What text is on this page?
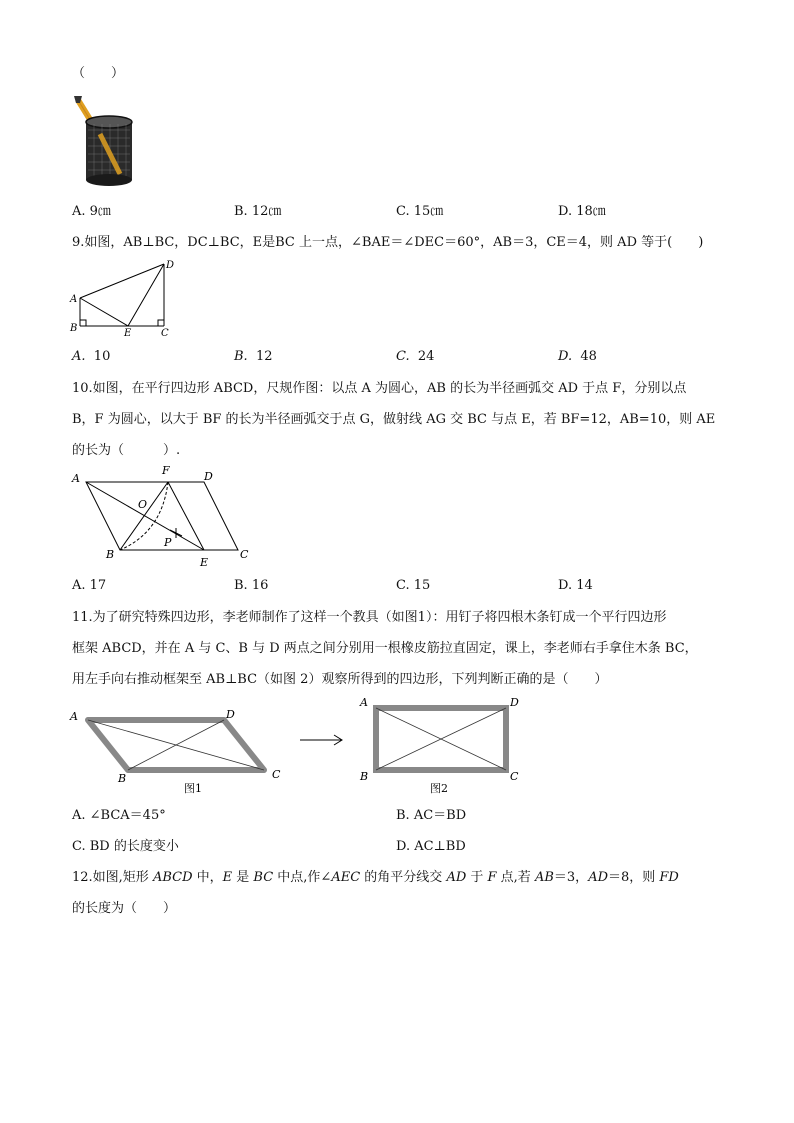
（　　）
A. 9㎝	B. 12㎝	C. 15㎝	D. 18㎝
9.如图，AB⊥BC，DC⊥BC，E是BC 上一点，∠BAE＝∠DEC＝60°，AB＝3，CE＝4，则 AD 等于(　　)
A
B	E	C
D
A. 10	B. 12	C. 24	D. 48
10.如图，在平行四边形 ABCD，尺规作图：以点 A 为圆心，AB 的长为半径画弧交 AD 于点 F，分别以点
B，F 为圆心，以大于 BF 的长为半径画弧交于点 G，做射线 AG 交 BC 与点 E，若 BF=12，AB=10，则 AE
的长为（　　　）.
A
F	D
O
P
B
E
C
A. 17	B. 16	C. 15	D. 14
11.为了研究特殊四边形，李老师制作了这样一个教具（如图1）：用钉子将四根木条钉成一个平行四边形
框架 ABCD，并在 A 与 C、B 与 D 两点之间分别用一根橡皮筋拉直固定，课上，李老师右手拿住木条 BC，
用左手向右推动框架至 AB⊥BC（如图 2）观察所得到的四边形，下列判断正确的是（　　）
A	D
B	C
图1
A	D
B	C
图2
A. ∠BCA＝45°	B. AC＝BD
C. BD 的长度变小	D. AC⊥BD
12.如图,矩形 ABCD 中，E 是 BC 中点,作∠AEC 的角平分线交 AD 于 F 点,若 AB＝3，AD＝8，则 FD
的长度为（　　）
